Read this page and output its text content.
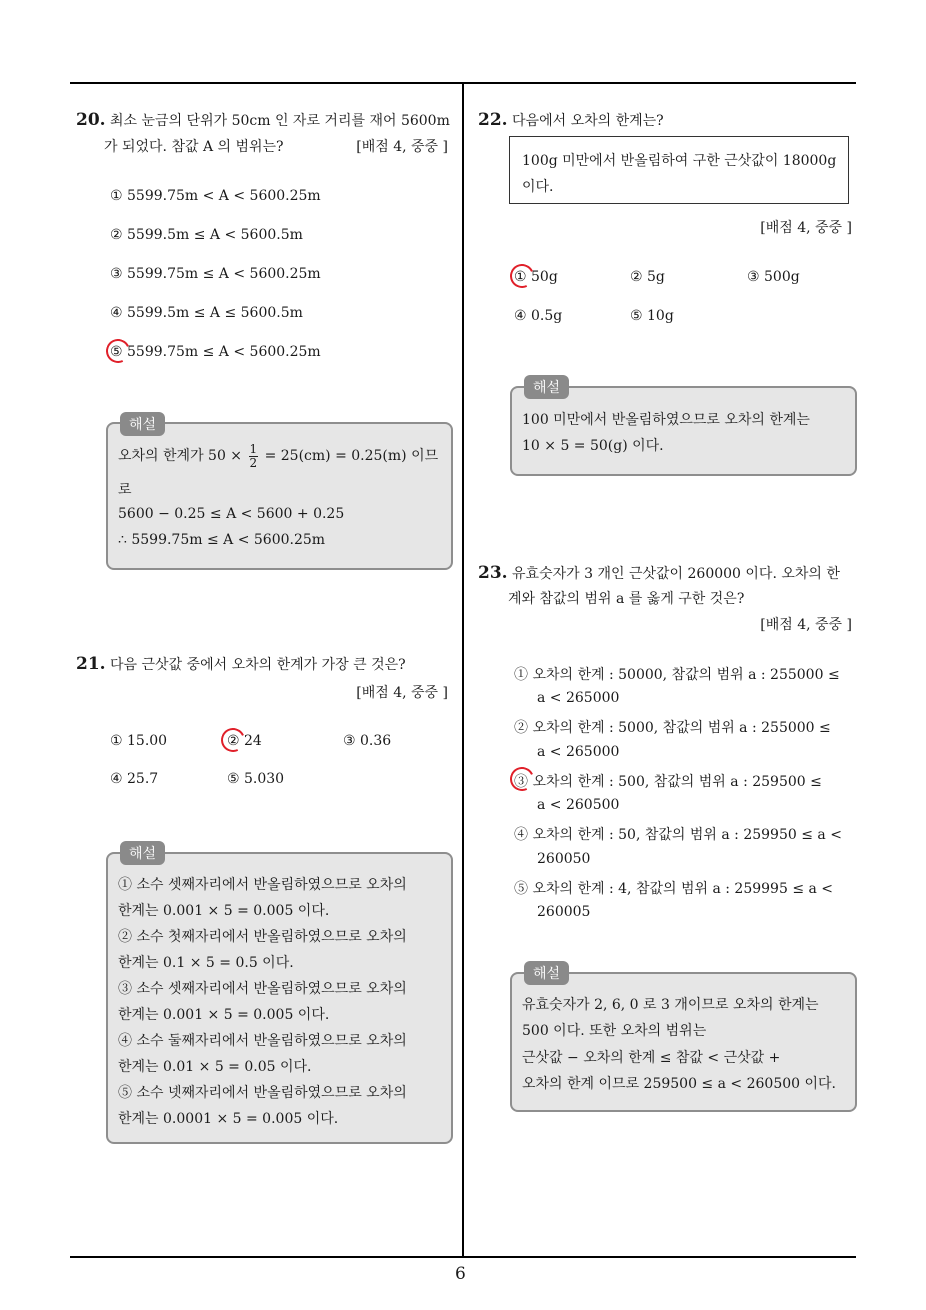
6
20. 최소 눈금의 단위가 50cm 인 자로 거리를 재어 5600m
가 되었다. 참값 A 의 범위는?	[배점 4, 중중 ]
① 5599.75m < A < 5600.25m
② 5599.5m ≤ A < 5600.5m
③ 5599.75m ≤ A < 5600.25m
④ 5599.5m ≤ A ≤ 5600.5m
⑤ 5599.75m ≤ A < 5600.25m
해설
오차의 한계가 $50 \times \frac{1}{2} = 25(cm) = 0.25(m)$ 이므
로
5600 − 0.25 ≤ A < 5600 + 0.25
∴ 5599.75m ≤ A < 5600.25m
21. 다음 근삿값 중에서 오차의 한계가 가장 큰 것은?
[배점 4, 중중 ]
① 15.00	② 24	③ 0.36
④ 25.7	⑤ 5.030
해설
① 소수 셋째자리에서 반올림하였으므로 오차의
한계는 0.001 × 5 = 0.005 이다.
② 소수 첫째자리에서 반올림하였으므로 오차의
한계는 0.1 × 5 = 0.5 이다.
③ 소수 셋째자리에서 반올림하였으므로 오차의
한계는 0.001 × 5 = 0.005 이다.
④ 소수 둘째자리에서 반올림하였으므로 오차의
한계는 0.01 × 5 = 0.05 이다.
⑤ 소수 넷째자리에서 반올림하였으므로 오차의
한계는 0.0001 × 5 = 0.005 이다.
22. 다음에서 오차의 한계는?
100g 미만에서 반올림하여 구한 근삿값이 18000g
이다.
[배점 4, 중중 ]
① 50g	② 5g	③ 500g
④ 0.5g	⑤ 10g
해설
100 미만에서 반올림하였으므로 오차의 한계는
10 × 5 = 50(g) 이다.
23. 유효숫자가 3 개인 근삿값이 260000 이다. 오차의 한
계와 참값의 범위 a 를 옳게 구한 것은?
[배점 4, 중중 ]
① 오차의 한계 : 50000, 참값의 범위 a : 255000 ≤
a < 265000
② 오차의 한계 : 5000, 참값의 범위 a : 255000 ≤
a < 265000
③ 오차의 한계 : 500, 참값의 범위 a : 259500 ≤
a < 260500
④ 오차의 한계 : 50, 참값의 범위 a : 259950 ≤ a <
260050
⑤ 오차의 한계 : 4, 참값의 범위 a : 259995 ≤ a <
260005
해설
유효숫자가 2, 6, 0 로 3 개이므로 오차의 한계는
500 이다. 또한 오차의 범위는
근삿값 − 오차의 한계 ≤ 참값 < 근삿값 +
오차의 한계 이므로 259500 ≤ a < 260500 이다.
